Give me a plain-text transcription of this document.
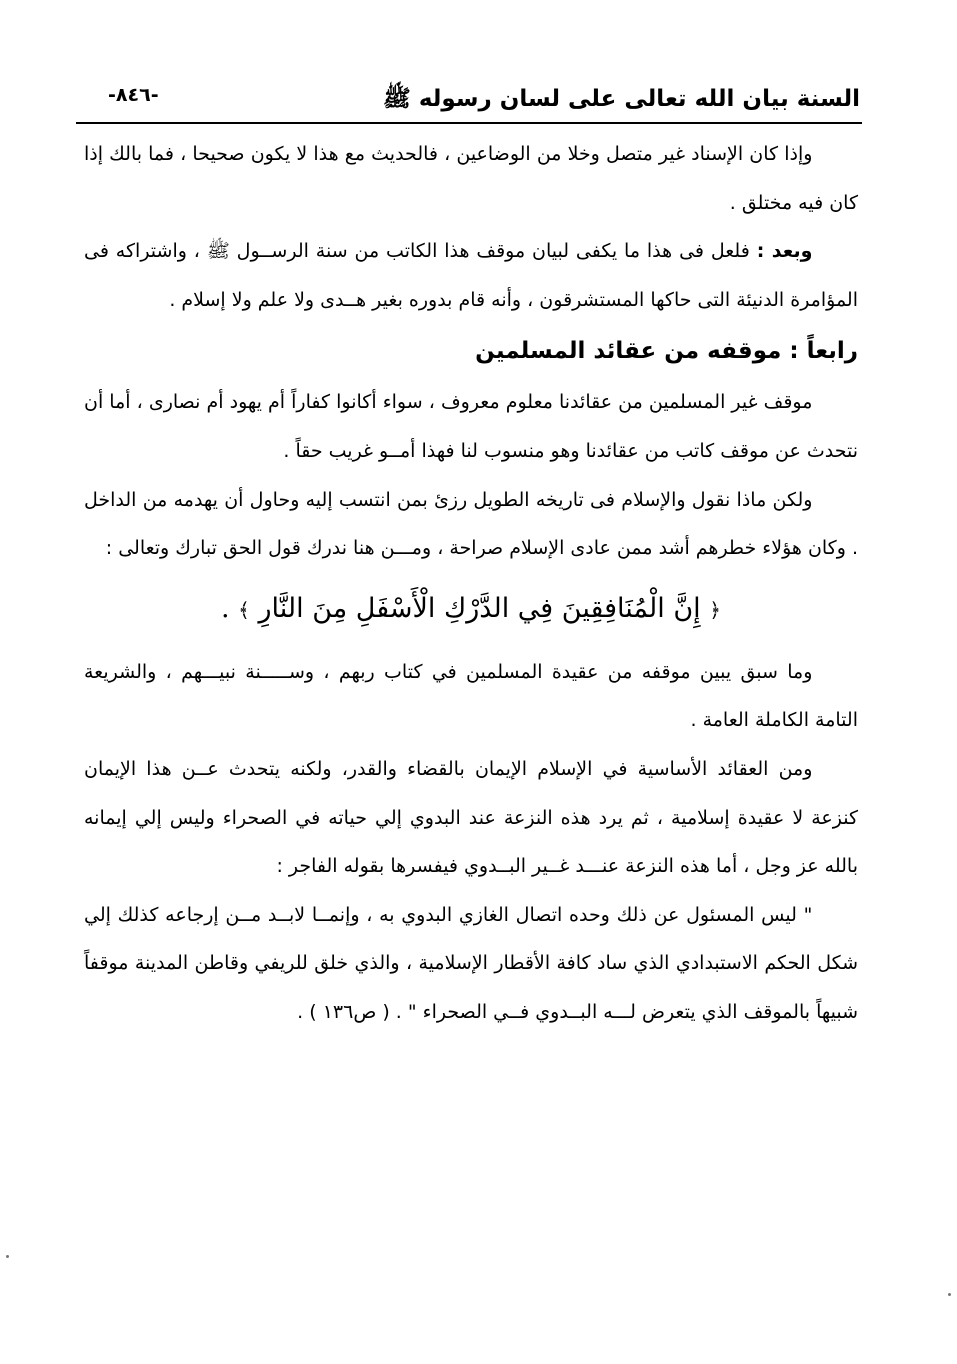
السنة بيان الله تعالى على لسان رسوله ﷺ
-٨٤٦-

وإذا كان الإسناد غير متصل وخلا من الوضاعين ، فالحديث مع هذا لا يكون صحيحا ، فما بالك إذا كان فيه مختلق .

وبعد : فلعل فى هذا ما يكفى لبيان موقف هذا الكاتب من سنة الرســول ﷺ ، واشتراكه فى المؤامرة الدنيئة التى حاكها المستشرقون ، وأنه قام بدوره بغير هــدى ولا علم ولا إسلام .

رابعاً : موقفه من عقائد المسلمين

موقف غير المسلمين من عقائدنا معلوم معروف ، سواء أكانوا كفاراً أم يهود أم نصارى ، أما أن نتحدث عن موقف كاتب من عقائدنا وهو منسوب لنا فهذا أمــو غريب حقاً .

ولكن ماذا نقول والإسلام فى تاريخه الطويل رزئ بمن انتسب إليه وحاول أن يهدمه من الداخل . وكان هؤلاء خطرهم أشد ممن عادى الإسلام صراحة ، ومـــن هنا ندرك قول الحق تبارك وتعالى :

﴿ إِنَّ الْمُنَافِقِينَ فِي الدَّرْكِ الْأَسْفَلِ مِنَ النَّارِ ﴾ .

وما سبق يبين موقفه من عقيدة المسلمين في كتاب ربهم ، وســـــنة نبيـــهم ، والشريعة التامة الكاملة العامة .

ومن العقائد الأساسية في الإسلام الإيمان بالقضاء والقدر، ولكنه يتحدث عــن هذا الإيمان كنزعة لا عقيدة إسلامية ، ثم يرد هذه النزعة عند البدوي إلي حياته في الصحراء وليس إلي إيمانه بالله عز وجل ، أما هذه النزعة عنـــد غــير البــدوي فيفسرها بقوله الفاجر :

" ليس المسئول عن ذلك وحده اتصال الغازي البدوي به ، وإنمــا لابــد مــن إرجاعه كذلك إلي شكل الحكم الاستبدادي الذي ساد كافة الأقطار الإسلامية ، والذي خلق للريفي وقاطن المدينة موقفاً شبيهاً بالموقف الذي يتعرض لـــه البــدوي فــي الصحراء " . ( ص١٣٦ ) .
